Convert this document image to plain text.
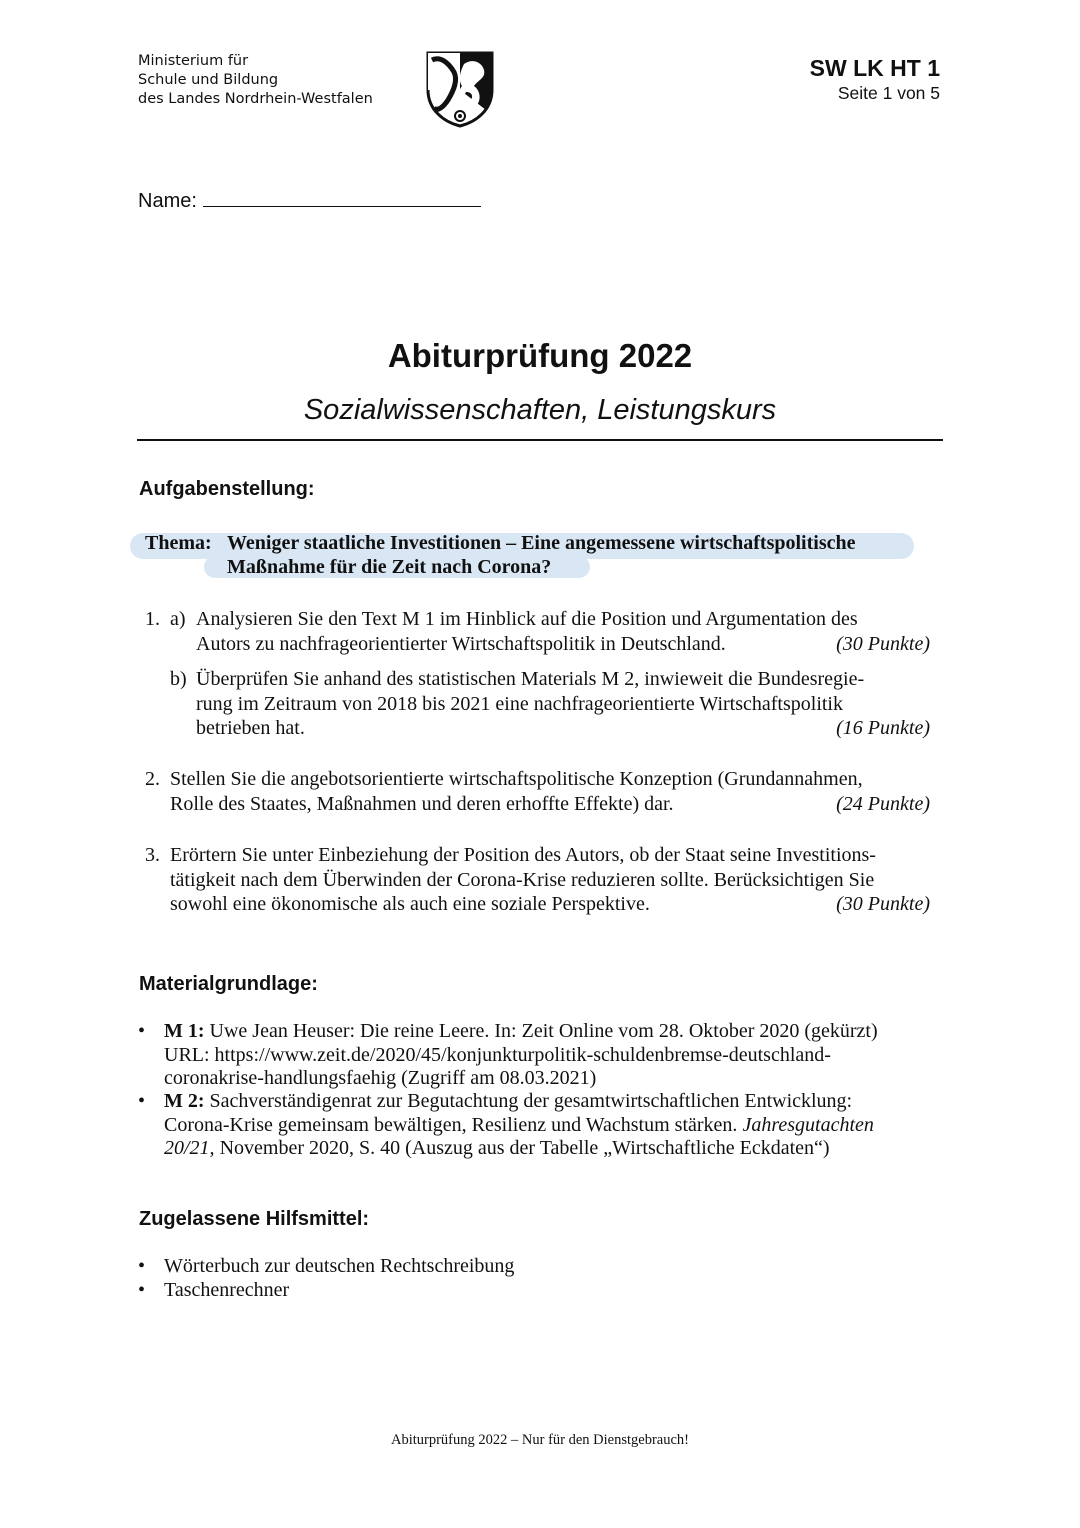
Ministerium für
Schule und Bildung
des Landes Nordrhein-Westfalen
SW LK HT 1
Seite 1 von 5
Name:
Abiturprüfung 2022
Sozialwissenschaften, Leistungskurs
Aufgabenstellung:
Thema: Weniger staatliche Investitionen – Eine angemessene wirtschaftspolitische
Maßnahme für die Zeit nach Corona?
1. a) Analysieren Sie den Text M 1 im Hinblick auf die Position und Argumentation des
Autors zu nachfrageorientierter Wirtschaftspolitik in Deutschland.	(30 Punkte)
b) Überprüfen Sie anhand des statistischen Materials M 2, inwieweit die Bundesregie-
rung im Zeitraum von 2018 bis 2021 eine nachfrageorientierte Wirtschaftspolitik
betrieben hat.	(16 Punkte)
2. Stellen Sie die angebotsorientierte wirtschaftspolitische Konzeption (Grundannahmen,
Rolle des Staates, Maßnahmen und deren erhoffte Effekte) dar.	(24 Punkte)
3. Erörtern Sie unter Einbeziehung der Position des Autors, ob der Staat seine Investitions-
tätigkeit nach dem Überwinden der Corona-Krise reduzieren sollte. Berücksichtigen Sie
sowohl eine ökonomische als auch eine soziale Perspektive.	(30 Punkte)
Materialgrundlage:
• M 1: Uwe Jean Heuser: Die reine Leere. In: Zeit Online vom 28. Oktober 2020 (gekürzt)
URL: https://www.zeit.de/2020/45/konjunkturpolitik-schuldenbremse-deutschland-
coronakrise-handlungsfaehig (Zugriff am 08.03.2021)
• M 2: Sachverständigenrat zur Begutachtung der gesamtwirtschaftlichen Entwicklung:
Corona-Krise gemeinsam bewältigen, Resilienz und Wachstum stärken. Jahresgutachten
20/21, November 2020, S. 40 (Auszug aus der Tabelle „Wirtschaftliche Eckdaten“)
Zugelassene Hilfsmittel:
• Wörterbuch zur deutschen Rechtschreibung
• Taschenrechner
Abiturprüfung 2022 – Nur für den Dienstgebrauch!
